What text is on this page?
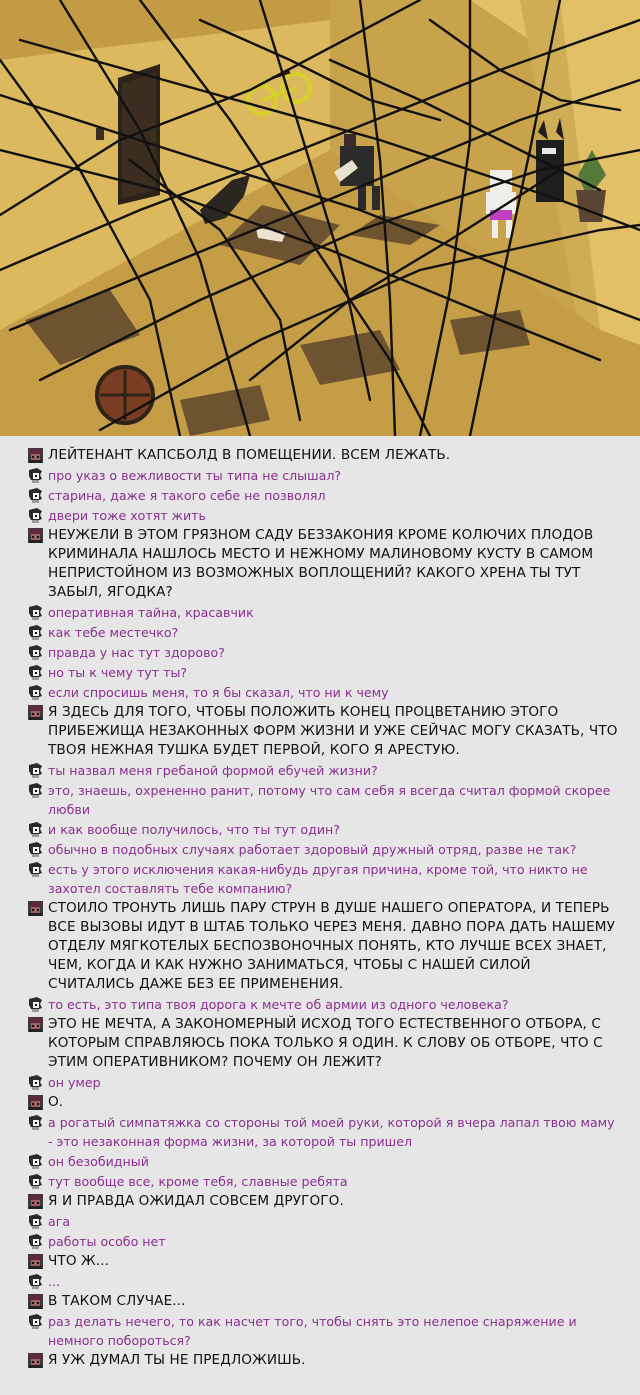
ЛЕЙТЕНАНТ КАПСБОЛД В ПОМЕЩЕНИИ. ВСЕМ ЛЕЖАТЬ.
про указ о вежливости ты типа не слышал?
старина, даже я такого себе не позволял
двери тоже хотят жить
НЕУЖЕЛИ В ЭТОМ ГРЯЗНОМ САДУ БЕЗЗАКОНИЯ КРОМЕ КОЛЮЧИХ ПЛОДОВ КРИМИНАЛА НАШЛОСЬ МЕСТО И НЕЖНОМУ МАЛИНОВОМУ КУСТУ В САМОМ НЕПРИСТОЙНОМ ИЗ ВОЗМОЖНЫХ ВОПЛОЩЕНИЙ? КАКОГО ХРЕНА ТЫ ТУТ ЗАБЫЛ, ЯГОДКА?
оперативная тайна, красавчик
как тебе местечко?
правда у нас тут здорово?
но ты к чему тут ты?
если спросишь меня, то я бы сказал, что ни к чему
Я ЗДЕСЬ ДЛЯ ТОГО, ЧТОБЫ ПОЛОЖИТЬ КОНЕЦ ПРОЦВЕТАНИЮ ЭТОГО ПРИБЕЖИЩА НЕЗАКОННЫХ ФОРМ ЖИЗНИ И УЖЕ СЕЙЧАС МОГУ СКАЗАТЬ, ЧТО ТВОЯ НЕЖНАЯ ТУШКА БУДЕТ ПЕРВОЙ, КОГО Я АРЕСТУЮ.
ты назвал меня гребаной формой ебучей жизни?
это, знаешь, охрененно ранит, потому что сам себя я всегда считал формой скорее любви
и как вообще получилось, что ты тут один?
обычно в подобных случаях работает здоровый дружный отряд, разве не так?
есть у этого исключения какая-нибудь другая причина, кроме той, что никто не захотел составлять тебе компанию?
СТОИЛО ТРОНУТЬ ЛИШЬ ПАРУ СТРУН В ДУШЕ НАШЕГО ОПЕРАТОРА, И ТЕПЕРЬ ВСЕ ВЫЗОВЫ ИДУТ В ШТАБ ТОЛЬКО ЧЕРЕЗ МЕНЯ. ДАВНО ПОРА ДАТЬ НАШЕМУ ОТДЕЛУ МЯГКОТЕЛЫХ БЕСПОЗВОНОЧНЫХ ПОНЯТЬ, КТО ЛУЧШЕ ВСЕХ ЗНАЕТ, ЧЕМ, КОГДА И КАК НУЖНО ЗАНИМАТЬСЯ, ЧТОБЫ С НАШЕЙ СИЛОЙ СЧИТАЛИСЬ ДАЖЕ БЕЗ ЕЕ ПРИМЕНЕНИЯ.
то есть, это типа твоя дорога к мечте об армии из одного человека?
ЭТО НЕ МЕЧТА, А ЗАКОНОМЕРНЫЙ ИСХОД ТОГО ЕСТЕСТВЕННОГО ОТБОРА, С КОТОРЫМ СПРАВЛЯЮСЬ ПОКА ТОЛЬКО Я ОДИН. К СЛОВУ ОБ ОТБОРЕ, ЧТО С ЭТИМ ОПЕРАТИВНИКОМ? ПОЧЕМУ ОН ЛЕЖИТ?
он умер
О.
а рогатый симпатяжка со стороны той моей руки, которой я вчера лапал твою маму - это незаконная форма жизни, за которой ты пришел
он безобидный
тут вообще все, кроме тебя, славные ребята
Я И ПРАВДА ОЖИДАЛ СОВСЕМ ДРУГОГО.
ага
работы особо нет
ЧТО Ж...
...
В ТАКОМ СЛУЧАЕ...
раз делать нечего, то как насчет того, чтобы снять это нелепое снаряжение и немного побороться?
Я УЖ ДУМАЛ ТЫ НЕ ПРЕДЛОЖИШЬ.
